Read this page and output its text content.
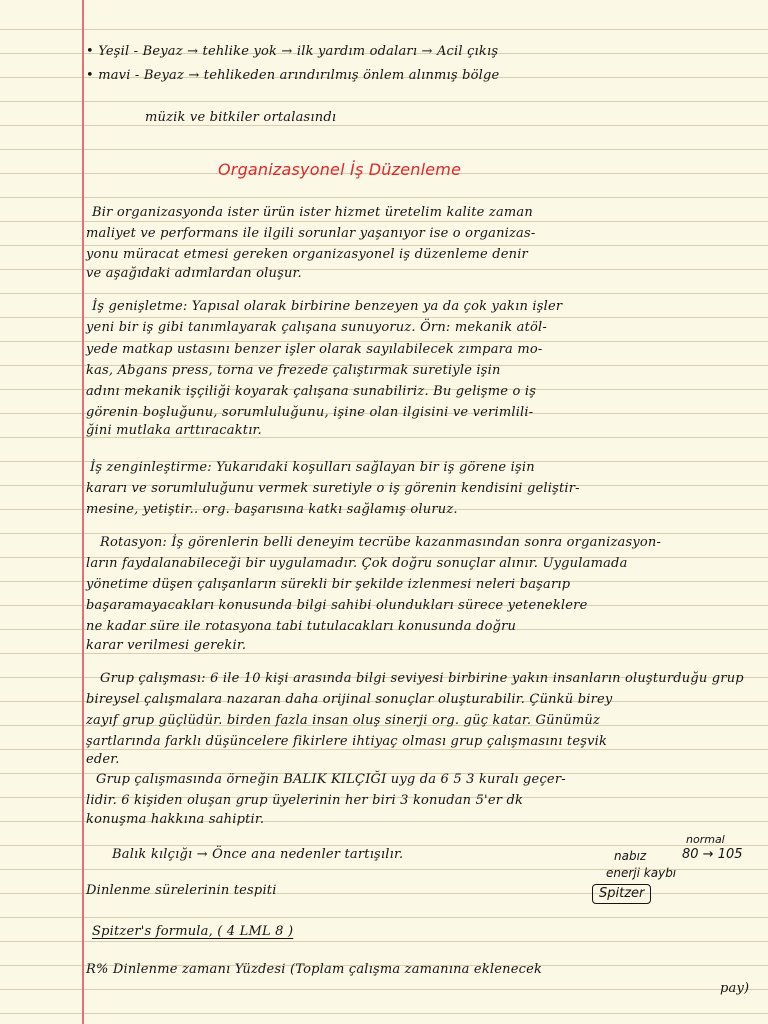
• Yeşil - Beyaz → tehlike yok → ilk yardım odaları → Acil çıkış
• mavi - Beyaz → tehlikeden arındırılmış önlem alınmış bölge
müzik ve bitkiler ortalasındı
Organizasyonel İş Düzenleme
Bir organizasyonda ister ürün ister hizmet üretelim kalite zaman
maliyet ve performans ile ilgili sorunlar yaşanıyor ise o organizas-
yonu müracat etmesi gereken organizasyonel iş düzenleme denir
ve aşağıdaki adımlardan oluşur.
İş genişletme: Yapısal olarak birbirine benzeyen ya da çok yakın işler
yeni bir iş gibi tanımlayarak çalışana sunuyoruz. Örn: mekanik atöl-
yede matkap ustasını benzer işler olarak sayılabilecek zımpara mo-
kas, Abgans press, torna ve frezede çalıştırmak suretiyle işin
adını mekanik işçiliği koyarak çalışana sunabiliriz. Bu gelişme o iş
görenin boşluğunu, sorumluluğunu, işine olan ilgisini ve verimlili-
ğini mutlaka arttıracaktır.
İş zenginleştirme: Yukarıdaki koşulları sağlayan bir iş görene işin
kararı ve sorumluluğunu vermek suretiyle o iş görenin kendisini geliştir-
mesine, yetiştir.. org. başarısına katkı sağlamış oluruz.
Rotasyon: İş görenlerin belli deneyim tecrübe kazanmasından sonra organizasyon-
ların faydalanabileceği bir uygulamadır. Çok doğru sonuçlar alınır. Uygulamada
yönetime düşen çalışanların sürekli bir şekilde izlenmesi neleri başarıp
başaramayacakları konusunda bilgi sahibi olundukları sürece yeteneklere
ne kadar süre ile rotasyona tabi tutulacakları konusunda doğru
karar verilmesi gerekir.
Grup çalışması: 6 ile 10 kişi arasında bilgi seviyesi birbirine yakın insanların oluşturduğu grup
bireysel çalışmalara nazaran daha orijinal sonuçlar oluşturabilir. Çünkü birey
zayıf grup güçlüdür. birden fazla insan oluş sinerji org. güç katar. Günümüz
şartlarında farklı düşüncelere fikirlere ihtiyaç olması grup çalışmasını teşvik
eder.
Grup çalışmasında örneğin BALIK KILÇIĞI uyg da 6 5 3 kuralı geçer-
lidir. 6 kişiden oluşan grup üyelerinin her biri 3 konudan 5'er dk
konuşma hakkına sahiptir.
Balık kılçığı → Önce ana nedenler tartışılır.
normal
nabız	80 → 105
enerji kaybı
Spitzer
Dinlenme sürelerinin tespiti
Spitzer's formula, ( 4 LML 8 )
R% Dinlenme zamanı Yüzdesi (Toplam çalışma zamanına eklenecek
pay)
